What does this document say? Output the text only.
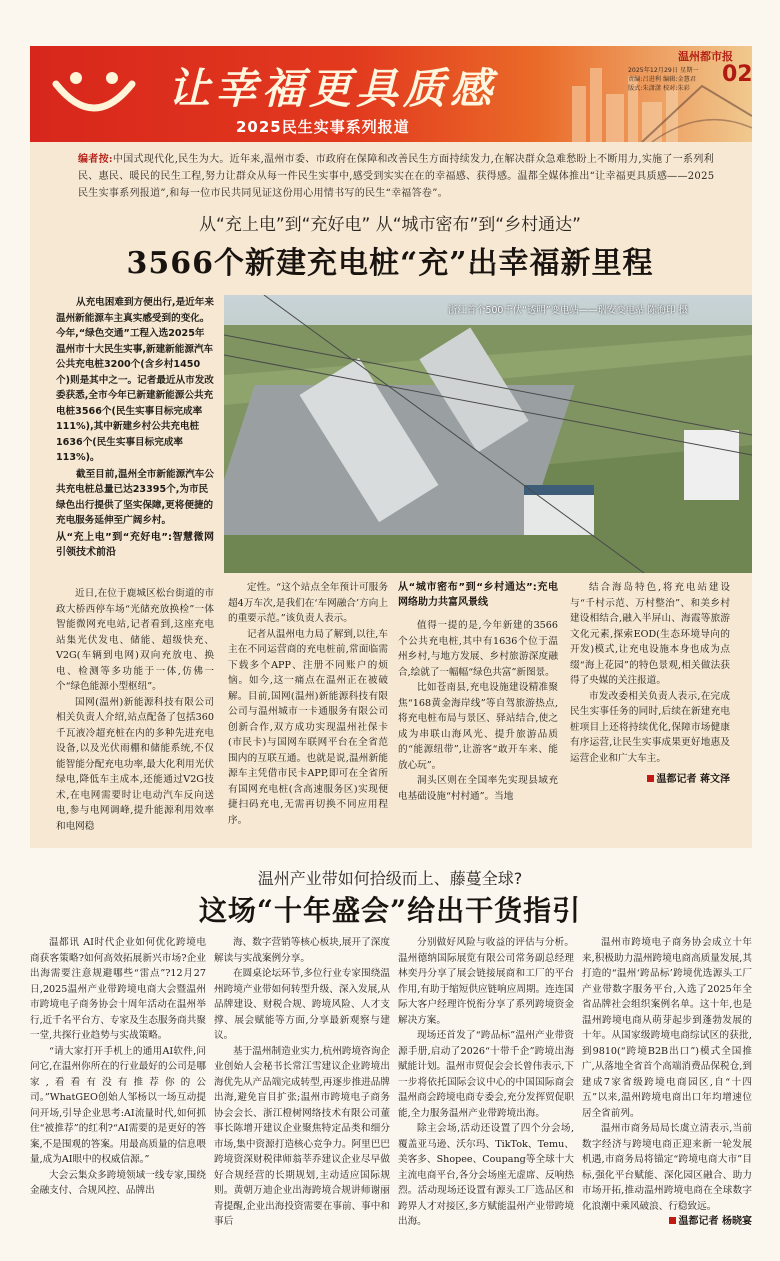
让幸福更具质感
2025民生实事系列报道
温州都市报
2025年12月29日 星期一
责编:吕进利 编辑:金慧君
版式:朱潇潇 校对:朱彩
02
编者按:中国式现代化,民生为大。近年来,温州市委、市政府在保障和改善民生方面持续发力,在解决群众急难愁盼上不断用力,实施了一系列利民、惠民、暖民的民生工程,努力让群众从每一件民生实事中,感受到实实在在的幸福感、获得感。温都全媒体推出“让幸福更具质感——2025民生实事系列报道”,和每一位市民共同见证这份用心用情书写的民生“幸福答卷”。
从“充上电”到“充好电” 从“城市密布”到“乡村通达”
3566个新建充电桩“充”出幸福新里程

从充电困难到方便出行,是近年来温州新能源车主真实感受到的变化。今年,“绿色交通”工程入选2025年温州市十大民生实事,新建新能源汽车公共充电桩3200个(含乡村1450个)则是其中之一。记者最近从市发改委获悉,全市今年已新建新能源公共充电桩3566个(民生实事目标完成率111%),其中新建乡村公共充电桩1636个(民生实事目标完成率113%)。

截至目前,温州全市新能源汽车公共充电桩总量已达23395个,为市民绿色出行提供了坚实保障,更将便捷的充电服务延伸至广阔乡村。

浙江首个500千伏“透明”变电站——瑞安变电站 陈海印 摄
从“充上电”到“充好电”:智慧微网引领技术前沿

近日,在位于鹿城区松台街道的市政大桥西停车场“光储充放换检”一体智能微网充电站,记者看到,这座充电站集光伏发电、储能、超级快充、V2G(车辆到电网)双向充放电、换电、检测等多功能于一体,仿佛一个“绿色能源小型枢纽”。

国网(温州)新能源科技有限公司相关负责人介绍,站点配备了包括360千瓦液冷超充桩在内的多种先进充电设备,以及光伏雨棚和储能系统,不仅能智能分配充电功率,最大化利用光伏绿电,降低车主成本,还能通过V2G技术,在电网需要时让电动汽车反向送电,参与电网调峰,提升能源利用效率和电网稳

定性。“这个站点全年预计可服务超4万车次,是我们在‘车网融合’方向上的重要示范。”该负责人表示。

记者从温州电力局了解到,以往,车主在不同运营商的充电桩前,常面临需下载多个APP、注册不同账户的烦恼。如今,这一痛点在温州正在被破解。目前,国网(温州)新能源科技有限公司与温州城市一卡通服务有限公司创新合作,双方成功实现温州社保卡(市民卡)与国网车联网平台在全省范围内的互联互通。也就是说,温州新能源车主凭借市民卡APP,即可在全省所有国网充电桩(含高速服务区)实现便捷扫码充电,无需再切换不同应用程序。

从“城市密布”到“乡村通达”:充电网络助力共富风景线

值得一提的是,今年新建的3566个公共充电桩,其中有1636个位于温州乡村,与地方发展、乡村旅游深度融合,绘就了一幅幅“绿色共富”新图景。

比如苍南县,充电设施建设精准聚焦“168黄金海岸线”等自驾旅游热点,将充电桩布局与景区、驿站结合,使之成为串联山海风光、提升旅游品质的“能源纽带”,让游客“敢开车来、能放心玩”。

洞头区则在全国率先实现县域充电基础设施“村村通”。当地

结合海岛特色,将充电站建设与“千村示范、万村整治”、和美乡村建设相结合,融入半屏山、海霞等旅游文化元素,探索EOD(生态环境导向的开发)模式,让充电设施本身也成为点缀“海上花园”的特色景观,相关做法获得了央媒的关注报道。

市发改委相关负责人表示,在完成民生实事任务的同时,后续在新建充电桩项目上还将持续优化,保障市场健康有序运营,让民生实事成果更好地惠及运营企业和广大车主。

温都记者 蒋文泽

温州产业带如何拾级而上、藤蔓全球?
这场“十年盛会”给出干货指引

温都讯 AI时代企业如何优化跨境电商获客策略?如何高效拓展新兴市场?企业出海需要注意规避哪些“雷点”?12月27日,2025温州产业带跨境电商大会暨温州市跨境电子商务协会十周年活动在温州举行,近千名平台方、专家及生态服务商共聚一堂,共探行业趋势与实战策略。

“请大家打开手机上的通用AI软件,问问它,在温州你所在的行业最好的公司是哪家,看看有没有推荐你的公司。”WhatGEO创始人邹杨以一场互动提问开场,引导企业思考:AI流量时代,如何抓住“被推荐”的红利?“AI需要的是更好的答案,不是围观的答案。用最高质量的信息喂量,成为AI眼中的权威信源。”

大会云集众多跨境领域一线专家,围绕金融支付、合规风控、品牌出

海、数字营销等核心板块,展开了深度解读与实战案例分享。

在圆桌论坛环节,多位行业专家围绕温州跨境产业带如何转型升级、深入发展,从品牌建设、财税合规、跨境风险、人才支撑、展会赋能等方面,分享最新观察与建议。

基于温州制造业实力,杭州跨境咨询企业创始人会秘书长常江雪建议企业跨境出海优先从产品端完成转型,再逐步推进品牌出海,避免盲目扩张;温州市跨境电子商务协会会长、浙江橙树网络技术有限公司董事长陈增开建议企业聚焦特定品类和细分市场,集中资源打造核心竞争力。阿里巴巴跨境资深财税律师翁莘乔建议企业尽早做好合规经营的长期规划,主动适应国际规则。黄朝万迪企业出海跨境合规讲师谢丽青提醒,企业出海投资需要在事前、事中和事后

分别做好风险与收益的评估与分析。温州德纳国际展览有限公司常务副总经理林奕丹分享了展会链接展商和工厂的平台作用,有助于缩短供应链响应周期。连连国际大客户经理许悦衔分享了系列跨境资金解决方案。

现场还首发了“跨品标”温州产业带资源手册,启动了2026“十带千企”跨境出海赋能计划。温州市贸促会会长曾伟表示,下一步将依托国际会议中心的中国国际商会温州商会跨境电商专委会,充分发挥贸促职能,全力服务温州产业带跨境出海。

除主会场,活动还设置了四个分会场,覆盖亚马逊、沃尔玛、TikTok、Temu、美客多、Shopee、Coupang等全球十大主流电商平台,各分会场座无虚席、反响热烈。活动现场还设置有源头工厂选品区和跨界人才对接区,多方赋能温州产业带跨境出海。

温州市跨境电子商务协会成立十年来,积极助力温州跨境电商高质量发展,其打造的“温州‘跨品标’跨境优选源头工厂产业带数字服务平台,入选了2025年全省品牌社会组织案例名单。这十年,也是温州跨境电商从萌芽起步到蓬勃发展的十年。从国家级跨境电商综试区的获批,到9810(“跨境B2B出口”)模式全国推广,从落地全省首个高端消费品保税仓,到建成7家省级跨境电商园区,自“十四五”以来,温州跨境电商出口年均增速位居全省前列。

温州市商务局局长虞立清表示,当前数字经济与跨境电商正迎来新一轮发展机遇,市商务局将锚定“跨境电商大市”目标,强化平台赋能、深化园区融合、助力市场开拓,推动温州跨境电商在全球数字化浪潮中乘风破浪、行稳致远。

温都记者 杨晓宴
